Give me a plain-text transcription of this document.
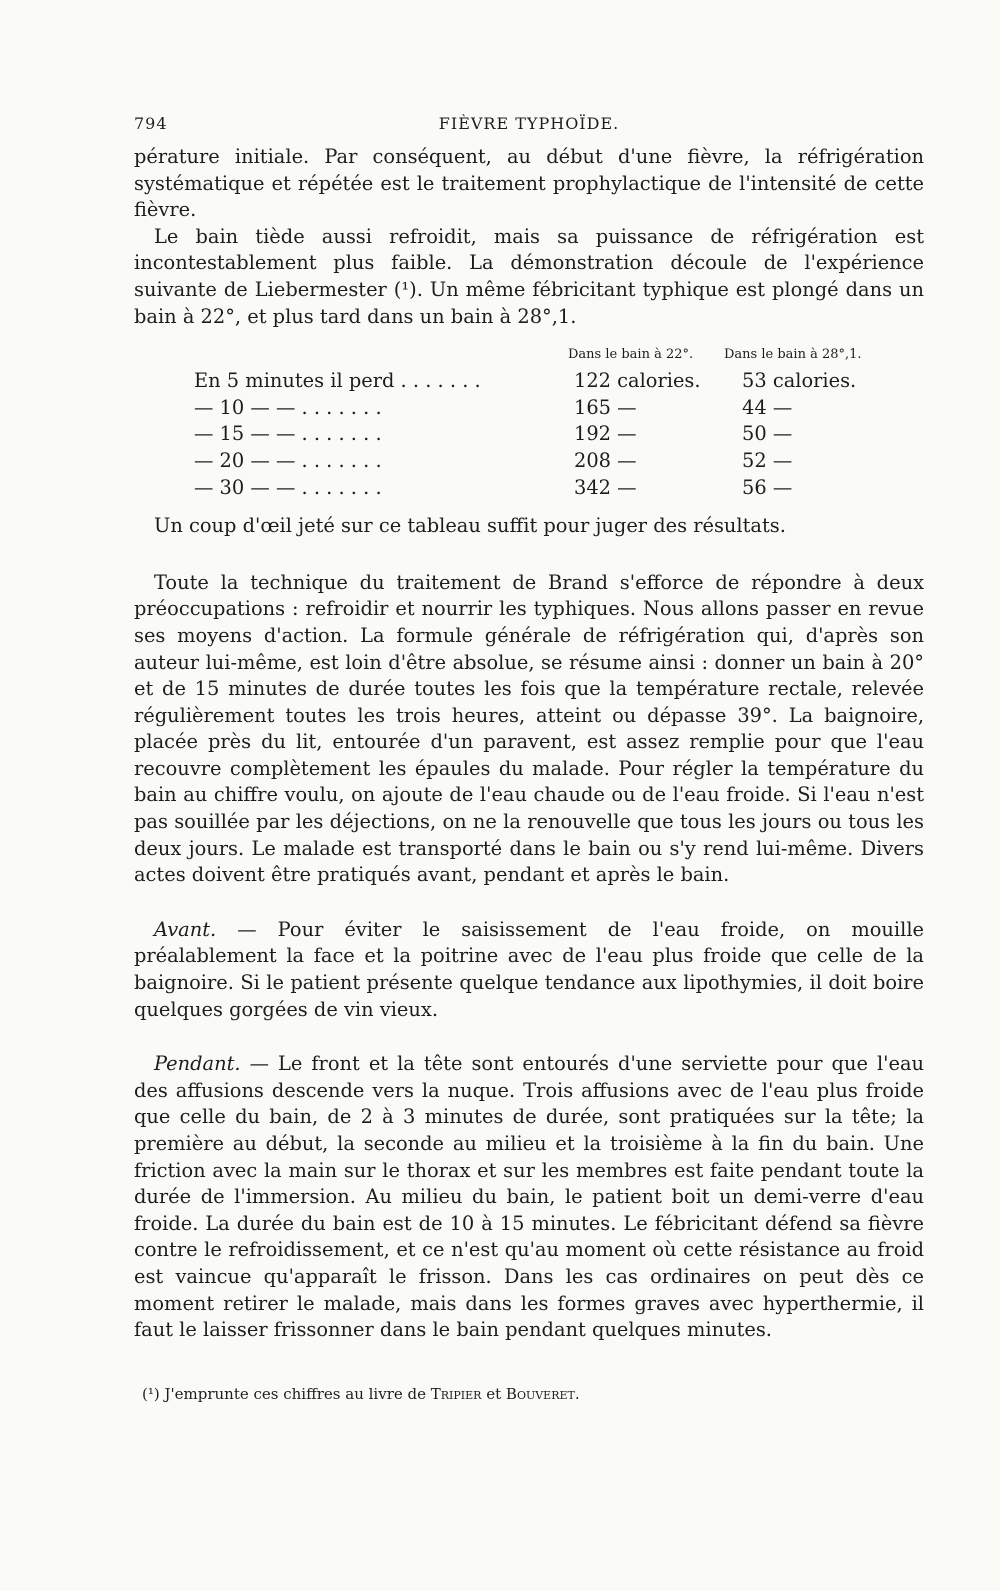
794	FIÈVRE TYPHOÏDE.

pérature initiale. Par conséquent, au début d'une fièvre, la réfrigération systématique et répétée est le traitement prophylactique de l'intensité de cette fièvre.

Le bain tiède aussi refroidit, mais sa puissance de réfrigération est incontestablement plus faible. La démonstration découle de l'expérience suivante de Liebermester (¹). Un même fébricitant typhique est plongé dans un bain à 22°, et plus tard dans un bain à 28°,1.

Dans le bain à 22°. Dans le bain à 28°,1.
En 5 minutes il perd . . . . . . .	122 calories. 53 calories.
— 10 — — . . . . . . .	165 —	44 —
— 15 — — . . . . . . .	192 —	50 —
— 20 — — . . . . . . .	208 —	52 —
— 30 — — . . . . . . .	342 —	56 —

Un coup d'œil jeté sur ce tableau suffit pour juger des résultats.

Toute la technique du traitement de Brand s'efforce de répondre à deux préoccupations : refroidir et nourrir les typhiques. Nous allons passer en revue ses moyens d'action. La formule générale de réfrigération qui, d'après son auteur lui-même, est loin d'être absolue, se résume ainsi : donner un bain à 20° et de 15 minutes de durée toutes les fois que la température rectale, relevée régulièrement toutes les trois heures, atteint ou dépasse 39°. La baignoire, placée près du lit, entourée d'un paravent, est assez remplie pour que l'eau recouvre complètement les épaules du malade. Pour régler la température du bain au chiffre voulu, on ajoute de l'eau chaude ou de l'eau froide. Si l'eau n'est pas souillée par les déjections, on ne la renouvelle que tous les jours ou tous les deux jours. Le malade est transporté dans le bain ou s'y rend lui-même. Divers actes doivent être pratiqués avant, pendant et après le bain.

Avant. — Pour éviter le saisissement de l'eau froide, on mouille préalablement la face et la poitrine avec de l'eau plus froide que celle de la baignoire. Si le patient présente quelque tendance aux lipothymies, il doit boire quelques gorgées de vin vieux.

Pendant. — Le front et la tête sont entourés d'une serviette pour que l'eau des affusions descende vers la nuque. Trois affusions avec de l'eau plus froide que celle du bain, de 2 à 3 minutes de durée, sont pratiquées sur la tête; la première au début, la seconde au milieu et la troisième à la fin du bain. Une friction avec la main sur le thorax et sur les membres est faite pendant toute la durée de l'immersion. Au milieu du bain, le patient boit un demi-verre d'eau froide. La durée du bain est de 10 à 15 minutes. Le fébricitant défend sa fièvre contre le refroidissement, et ce n'est qu'au moment où cette résistance au froid est vaincue qu'apparaît le frisson. Dans les cas ordinaires on peut dès ce moment retirer le malade, mais dans les formes graves avec hyperthermie, il faut le laisser frissonner dans le bain pendant quelques minutes.

(¹) J'emprunte ces chiffres au livre de Tripier et Bouveret.
